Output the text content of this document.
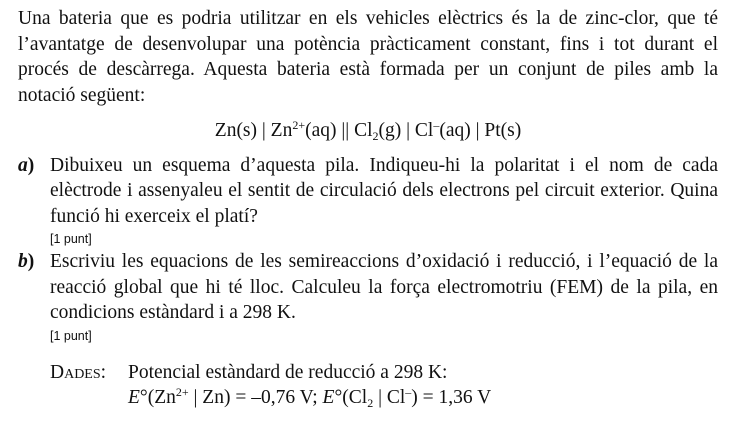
Una bateria que es podria utilitzar en els vehicles elèctrics és la de zinc-clor, que té l’avantatge de desenvolupar una potència pràcticament constant, fins i tot durant el procés de descàrrega. Aquesta bateria està formada per un conjunt de piles amb la notació següent:

Zn(s) | $Zn^{2+}(aq)$ || $Cl_2(g)$ | Cl–(aq) | Pt(s)
a) Dibuixeu un esquema d’aquesta pila. Indiqueu-hi la polaritat i el nom de cada elèctrode i assenyaleu el sentit de circulació dels electrons pel circuit exterior. Quina funció hi exerceix el platí?
[1 punt]
b) Escriviu les equacions de les semireaccions d’oxidació i reducció, i l’equació de la reacció global que hi té lloc. Calculeu la força electromotriu (FEM) de la pila, en condicions estàndard i a 298 K.
[1 punt]
Dades:	Potencial estàndard de reducció a 298 K:
$E^\circ(Zn^{2+}$ | Zn) = –0,76 V; $E^\circ(Cl_2$ | Cl–) = 1,36 V
